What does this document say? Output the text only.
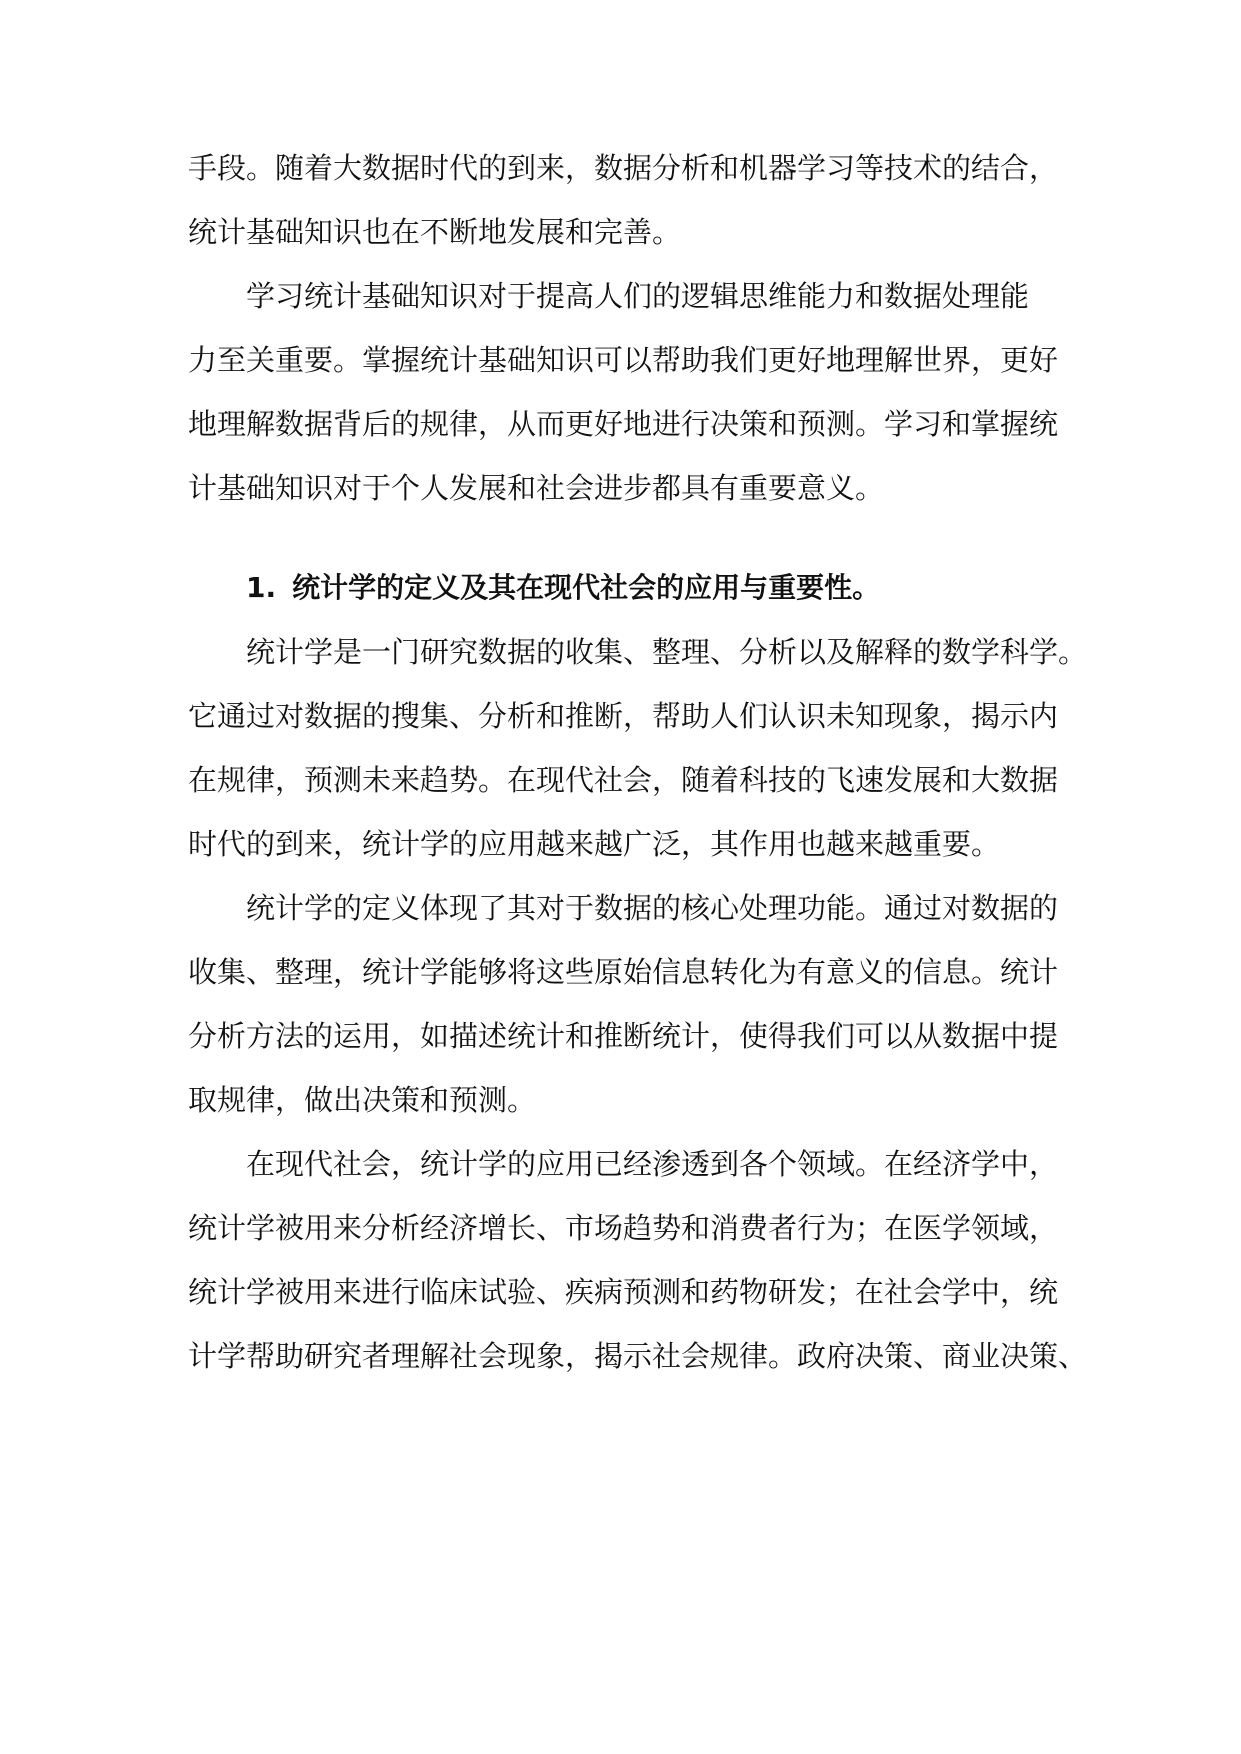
手段。随着大数据时代的到来，数据分析和机器学习等技术的结合，
统计基础知识也在不断地发展和完善。
学习统计基础知识对于提高人们的逻辑思维能力和数据处理能
力至关重要。掌握统计基础知识可以帮助我们更好地理解世界，更好
地理解数据背后的规律，从而更好地进行决策和预测。学习和掌握统
计基础知识对于个人发展和社会进步都具有重要意义。
1. 统计学的定义及其在现代社会的应用与重要性。
统计学是一门研究数据的收集、整理、分析以及解释的数学科学。
它通过对数据的搜集、分析和推断，帮助人们认识未知现象，揭示内
在规律，预测未来趋势。在现代社会，随着科技的飞速发展和大数据
时代的到来，统计学的应用越来越广泛，其作用也越来越重要。
统计学的定义体现了其对于数据的核心处理功能。通过对数据的
收集、整理，统计学能够将这些原始信息转化为有意义的信息。统计
分析方法的运用，如描述统计和推断统计，使得我们可以从数据中提
取规律，做出决策和预测。
在现代社会，统计学的应用已经渗透到各个领域。在经济学中，
统计学被用来分析经济增长、市场趋势和消费者行为；在医学领域，
统计学被用来进行临床试验、疾病预测和药物研发；在社会学中，统
计学帮助研究者理解社会现象，揭示社会规律。政府决策、商业决策、
